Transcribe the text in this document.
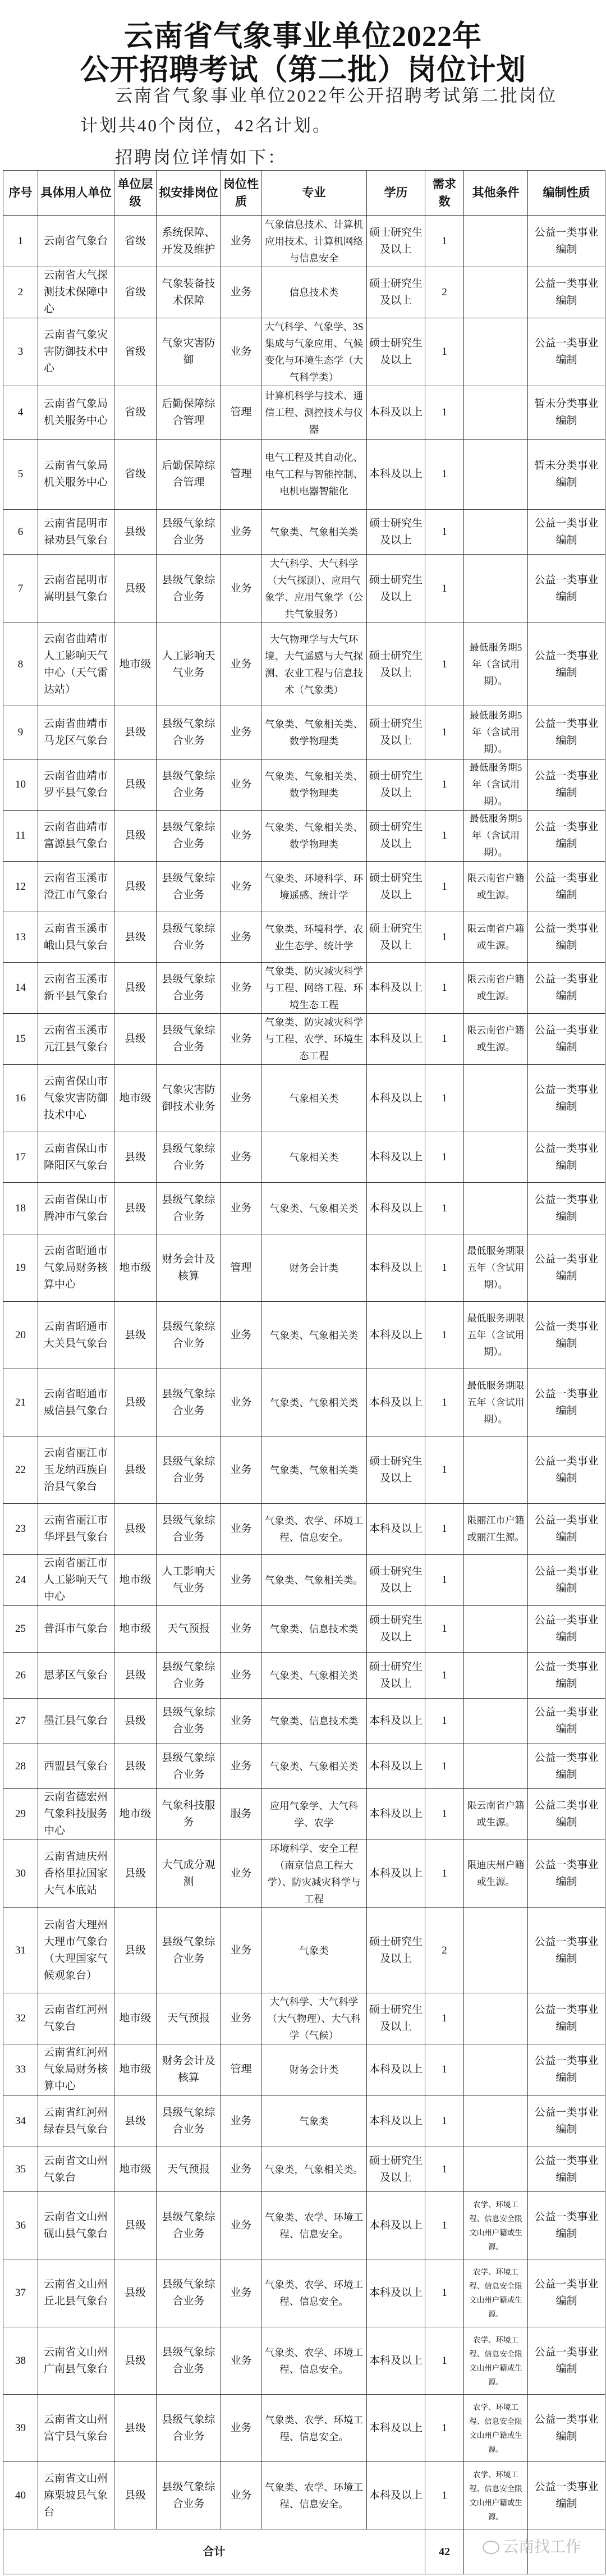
云南省气象事业单位2022年
公开招聘考试（第二批）岗位计划
云南省气象事业单位2022年公开招聘考试第二批岗位
计划共40个岗位，42名计划。
招聘岗位详情如下：
序号	具体用人单位	单位层级	拟安排岗位	岗位性质	专业	学历	需求数	其他条件	编制性质
1	云南省气象台	省级	系统保障、开发及维护	业务	气象信息技术、计算机应用技术、计算机网络与信息安全	硕士研究生及以上	1		公益一类事业编制
2	云南省大气探测技术保障中心	省级	气象装备技术保障	业务	信息技术类	硕士研究生及以上	2		公益一类事业编制
3	云南省气象灾害防御技术中心	省级	气象灾害防御	业务	大气科学、气象学、3S集成与气象应用、气候变化与环境生态学（大气科学类）	硕士研究生及以上	1		公益一类事业编制
4	云南省气象局机关服务中心	省级	后勤保障综合管理	管理	计算机科学与技术、通信工程、测控技术与仪器	本科及以上	1		暂未分类事业编制
5	云南省气象局机关服务中心	省级	后勤保障综合管理	管理	电气工程及其自动化、 电气工程与智能控制、电机电器智能化	本科及以上	1		暂未分类事业编制
6	云南省昆明市禄劝县气象台	县级	县级气象综合业务	业务	气象类、气象相关类	硕士研究生及以上	1		公益一类事业编制
7	云南省昆明市嵩明县气象台	县级	县级气象综合业务	业务	大气科学、大气科学（大气探测）、应用气象学、应用气象学（公共气象服务）	硕士研究生及以上	1		公益一类事业编制
8	云南省曲靖市人工影响天气中心（天气雷达站）	地市级	人工影响天气业务	业务	大气物理学与大气环境、大气遥感与大气探测、农业工程与信息技术（气象类）	硕士研究生及以上	1	最低服务期5年（含试用期）。	公益一类事业编制
9	云南省曲靖市马龙区气象台	县级	县级气象综合业务	业务	气象类、气象相关类、数学物理类	硕士研究生及以上	1	最低服务期5年（含试用期）。	公益一类事业编制
10	云南省曲靖市罗平县气象台	县级	县级气象综合业务	业务	气象类、气象相关类、数学物理类	硕士研究生及以上	1	最低服务期5年（含试用期）。	公益一类事业编制
11	云南省曲靖市富源县气象台	县级	县级气象综合业务	业务	气象类、气象相关类、数学物理类	硕士研究生及以上	1	最低服务期5年（含试用期）。	公益一类事业编制
12	云南省玉溪市澄江市气象台	县级	县级气象综合业务	业务	气象类、环境科学、环境遥感、统计学	硕士研究生及以上	1	限云南省户籍或生源。	公益一类事业编制
13	云南省玉溪市峨山县气象台	县级	县级气象综合业务	业务	气象类、环境科学、农业生态学、统计学	硕士研究生及以上	1	限云南省户籍或生源。	公益一类事业编制
14	云南省玉溪市新平县气象台	县级	县级气象综合业务	业务	气象类、防灾减灾科学与工程、网络工程、环境生态工程	本科及以上	1	限云南省户籍或生源。	公益一类事业编制
15	云南省玉溪市元江县气象台	县级	县级气象综合业务	业务	气象类、防灾减灾科学与工程、农学、环境生态工程	本科及以上	1	限云南省户籍或生源。	公益一类事业编制
16	云南省保山市气象灾害防御技术中心	地市级	气象灾害防御技术业务	业务	气象相关类	本科及以上	1		公益一类事业编制
17	云南省保山市隆阳区气象台	县级	县级气象综合业务	业务	气象相关类	本科及以上	1		公益一类事业编制
18	云南省保山市腾冲市气象台	县级	县级气象综合业务	业务	气象类、气象相关类	本科及以上	1		公益一类事业编制
19	云南省昭通市气象局财务核算中心	地市级	财务会计及核算	管理	财务会计类	本科及以上	1	最低服务期限五年（含试用期）。	公益一类事业编制
20	云南省昭通市大关县气象台	县级	县级气象综合业务	业务	气象类、气象相关类	本科及以上	1	最低服务期限五年（含试用期）。	公益一类事业编制
21	云南省昭通市威信县气象台	县级	县级气象综合业务	业务	气象类、气象相关类	本科及以上	1	最低服务期限五年（含试用期）。	公益一类事业编制
22	云南省丽江市玉龙纳西族自治县气象台	县级	县级气象综合业务	业务	气象类、气象相关类	硕士研究生及以上	1		公益一类事业编制
23	云南省丽江市华坪县气象台	县级	县级气象综合业务	业务	气象类、农学、环境工程、信息安全。	本科及以上	1	限丽江市户籍或丽江生源。	公益一类事业编制
24	云南省丽江市人工影响天气中心	地市级	人工影响天气业务	业务	气象类、气象相关类。	硕士研究生及以上	1		公益一类事业编制
25	普洱市气象台	地市级	天气预报	业务	气象类、信息技术类	硕士研究生及以上	1		公益一类事业编制
26	思茅区气象台	县级	县级气象综合业务	业务	气象类、气象相关类	硕士研究生及以上	1		公益一类事业编制
27	墨江县气象台	县级	县级气象综合业务	业务	气象类、信息技术类	本科及以上	1		公益一类事业编制
28	西盟县气象台	县级	县级气象综合业务	业务	气象类、气象相关类	本科及以上	1		公益一类事业编制
29	云南省德宏州气象科技服务中心	地市级	气象科技服务	服务	应用气象学、大气科学、农学	本科及以上	1	限云南省户籍或生源。	公益二类事业编制
30	云南省迪庆州香格里拉国家大气本底站	县级	大气成分观测	业务	环境科学、安全工程（南京信息工程大学）、防灾减灾科学与工程	本科及以上	1	限迪庆州户籍或生源。	公益一类事业编制
31	云南省大理州大理市气象台（大理国家气候观象台）	县级	县级气象综合业务	业务	气象类	硕士研究生及以上	2		公益一类事业编制
32	云南省红河州气象台	地市级	天气预报	业务	大气科学、大气科学（大气物理）、大气科学（气候）	硕士研究生及以上	1		公益一类事业编制
33	云南省红河州气象局财务核算中心	地市级	财务会计及核算	管理	财务会计类	本科及以上	1		公益一类事业编制
34	云南省红河州绿春县气象台	县级	县级气象综合业务	业务	气象类	本科及以上	1		公益一类事业编制
35	云南省文山州气象台	地市级	天气预报	业务	气象类，气象相关类。	硕士研究生及以上	1		公益一类事业编制
36	云南省文山州砚山县气象台	县级	县级气象综合业务	业务	气象类、农学、环境工程、信息安全。	本科及以上	1	农学、环境工程、信息安全限文山州户籍或生源。	公益一类事业编制
37	云南省文山州丘北县气象台	县级	县级气象综合业务	业务	气象类、农学、环境工程、信息安全。	本科及以上	1	农学、环境工程、信息安全限文山州户籍或生源。	公益一类事业编制
38	云南省文山州广南县气象台	县级	县级气象综合业务	业务	气象类、农学、环境工程、信息安全。	本科及以上	1	农学、环境工程、信息安全限文山州户籍或生源。	公益一类事业编制
39	云南省文山州富宁县气象台	县级	县级气象综合业务	业务	气象类、农学、环境工程、信息安全。	本科及以上	1	农学、环境工程、信息安全限文山州户籍或生源。	公益一类事业编制
40	云南省文山州麻栗坡县气象台	县级	县级气象综合业务	业务	气象类、农学、环境工程、信息安全。	本科及以上	1	农学、环境工程、信息安全限文山州户籍或生源。	公益一类事业编制
合计							42			云南找工作
